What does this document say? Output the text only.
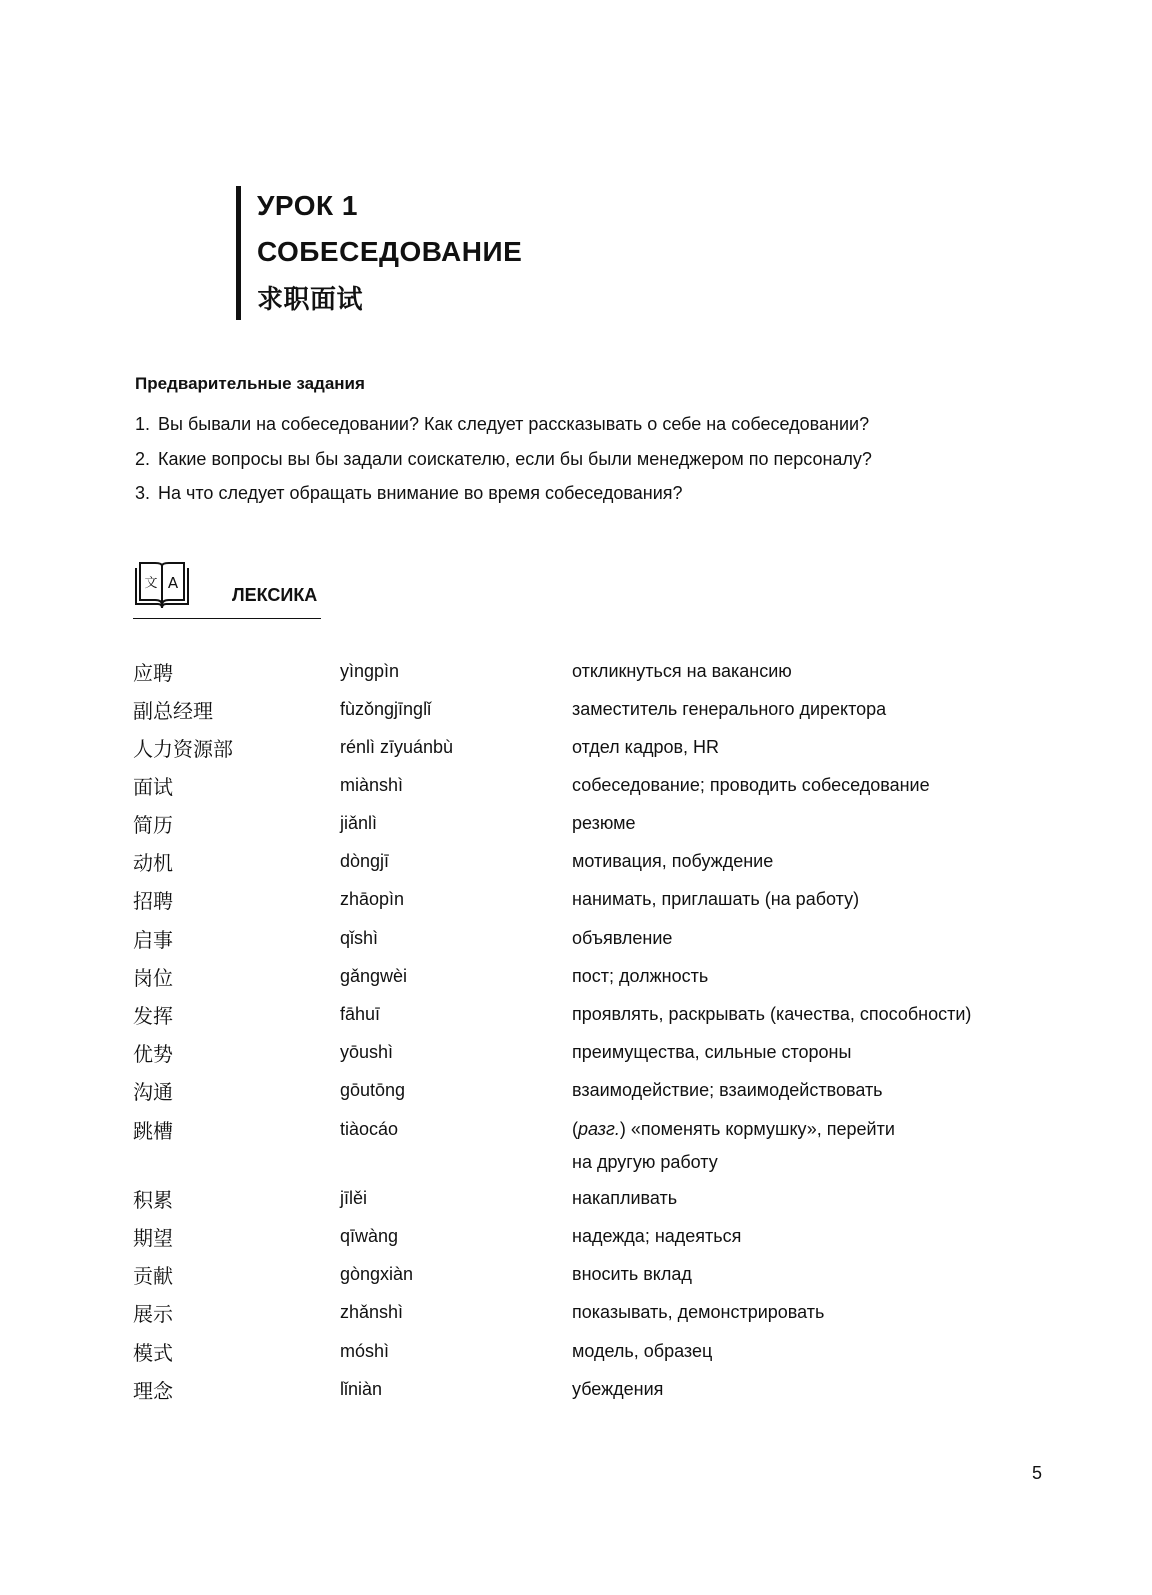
УРОК 1
СОБЕСЕДОВАНИЕ
求职面试
Предварительные задания
1. Вы бывали на собеседовании? Как следует рассказывать о себе на собеседовании?
2. Какие вопросы вы бы задали соискателю, если бы были менеджером по персоналу?
3. На что следует обращать внимание во время собеседования?
文 A
ЛЕКСИКА
应聘	yìngpìn	откликнуться на вакансию
副总经理	fùzǒngjīnglǐ	заместитель генерального директора
人力资源部	rénlì zīyuánbù	отдел кадров, HR
面试	miànshì	собеседование; проводить собеседование
简历	jiǎnlì	резюме
动机	dòngjī	мотивация, побуждение
招聘	zhāopìn	нанимать, приглашать (на работу)
启事	qǐshì	объявление
岗位	gǎngwèi	пост; должность
发挥	fāhuī	проявлять, раскрывать (качества, способности)
优势	yōushì	преимущества, сильные стороны
沟通	gōutōng	взаимодействие; взаимодействовать
跳槽	tiàocáo	(разг.) «поменять кормушку», перейти
на другую работу
积累	jīlěi	накапливать
期望	qīwàng	надежда; надеяться
贡献	gòngxiàn	вносить вклад
展示	zhǎnshì	показывать, демонстрировать
模式	móshì	модель, образец
理念	lǐniàn	убеждения
5
